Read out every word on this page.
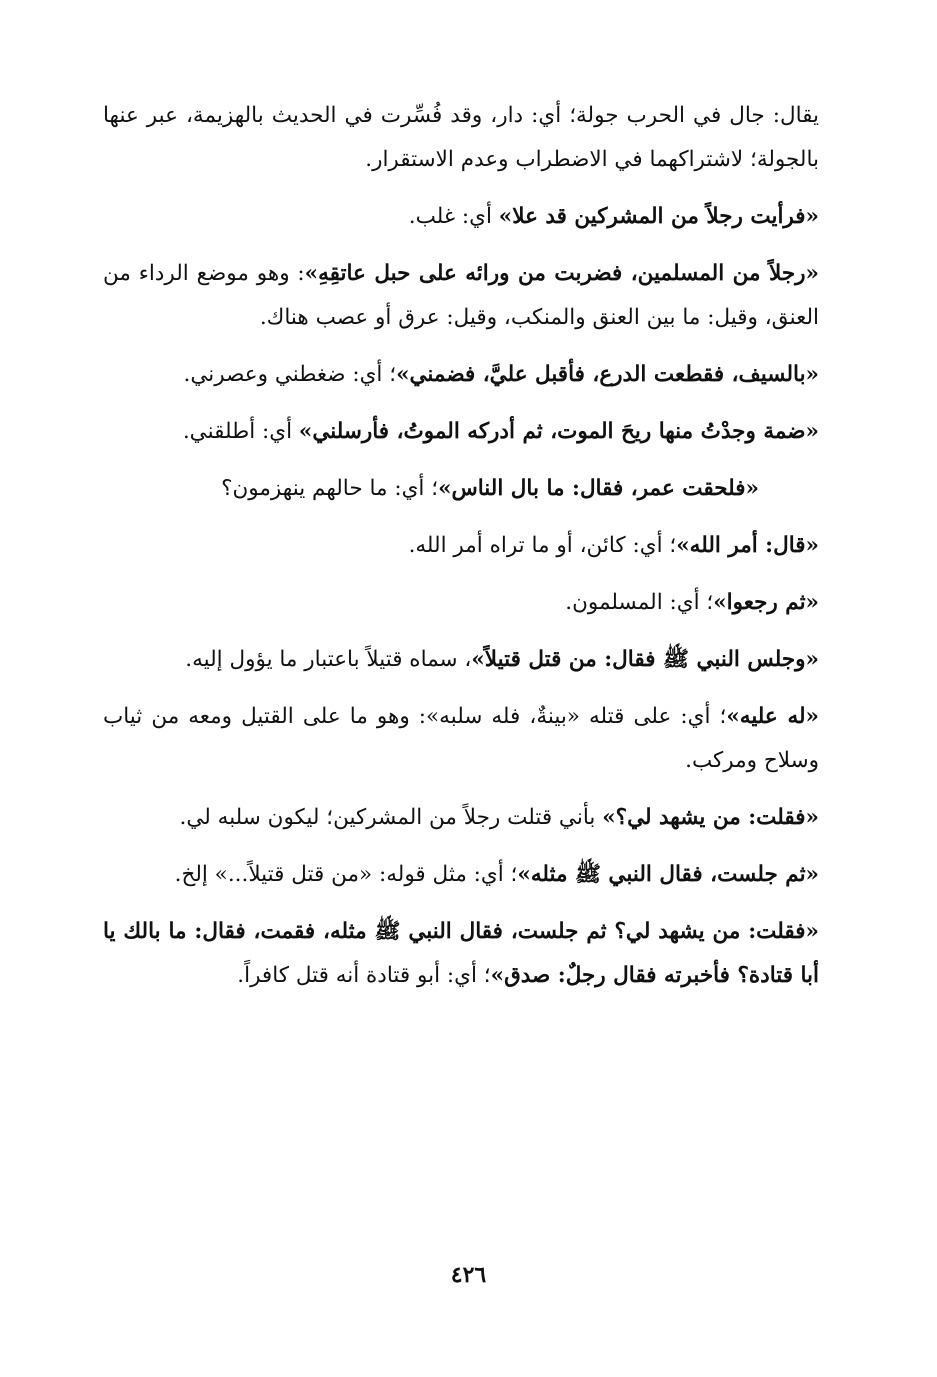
يقال: جال في الحرب جولة؛ أي: دار، وقد فُسِّرت في الحديث بالهزيمة، عبر عنها بالجولة؛ لاشتراكهما في الاضطراب وعدم الاستقرار.

«فرأيت رجلاً من المشركين قد علا» أي: غلب.

«رجلاً من المسلمين، فضربت من ورائه على حبل عاتقِهِ»: وهو موضع الرداء من العنق، وقيل: ما بين العنق والمنكب، وقيل: عرق أو عصب هناك.

«بالسيف، فقطعت الدرع، فأقبل عليَّ، فضمني»؛ أي: ضغطني وعصرني.

«ضمة وجدْتُ منها ريحَ الموت، ثم أدركه الموتُ، فأرسلني» أي: أطلقني.

«فلحقت عمر، فقال: ما بال الناس»؛ أي: ما حالهم ينهزمون؟

«قال: أمر الله»؛ أي: كائن، أو ما تراه أمر الله.

«ثم رجعوا»؛ أي: المسلمون.

«وجلس النبي ﷺ فقال: من قتل قتيلاً»، سماه قتيلاً باعتبار ما يؤول إليه.

«له عليه»؛ أي: على قتله «بينةٌ، فله سلبه»: وهو ما على القتيل ومعه من ثياب وسلاح ومركب.

«فقلت: من يشهد لي؟» بأني قتلت رجلاً من المشركين؛ ليكون سلبه لي.

«ثم جلست، فقال النبي ﷺ مثله»؛ أي: مثل قوله: «من قتل قتيلاً...» إلخ.

«فقلت: من يشهد لي؟ ثم جلست، فقال النبي ﷺ مثله، فقمت، فقال: ما بالك يا أبا قتادة؟ فأخبرته فقال رجلٌ: صدق»؛ أي: أبو قتادة أنه قتل كافراً.

٤٢٦
